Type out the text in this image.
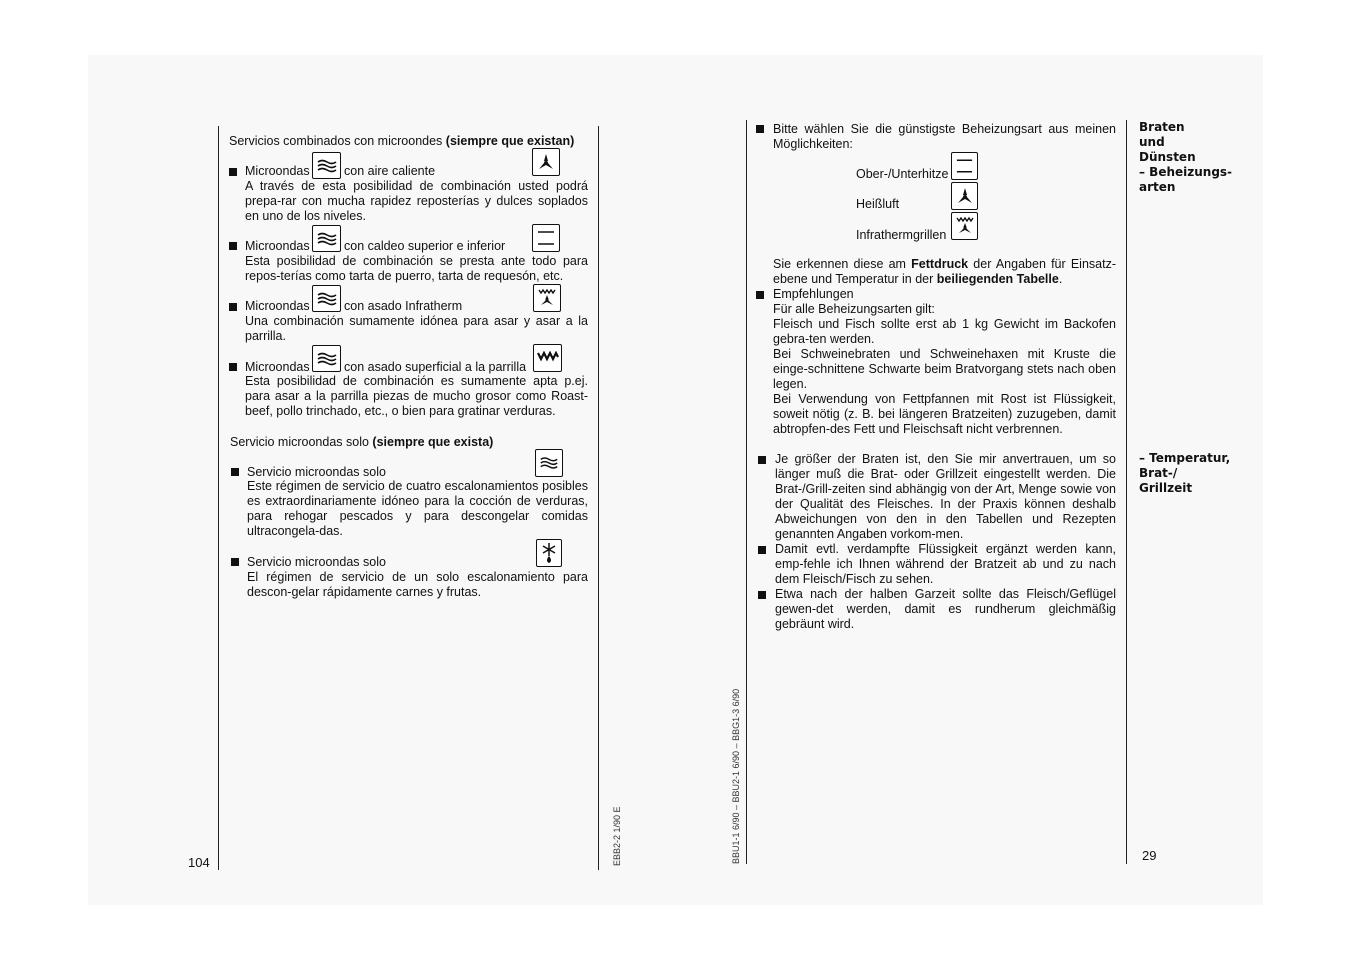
Servicios combinados con microondes (siempre que existan)
Microondas	con aire caliente
A través de esta posibilidad de combinación usted podrá prepa-rar con mucha rapidez reposterías y dulces soplados en uno de los niveles.
Microondas	con caldeo superior e inferior
Esta posibilidad de combinación se presta ante todo para repos-terías como tarta de puerro, tarta de requesón, etc.
Microondas	con asado Infratherm
Una combinación sumamente idónea para asar y asar a la parrilla.
Microondas	con asado superficial a la parrilla
Esta posibilidad de combinación es sumamente apta p.ej. para asar a la parrilla piezas de mucho grosor como Roast-beef, pollo trinchado, etc., o bien para gratinar verduras.
Servicio microondas solo (siempre que exista)
Servicio microondas solo
Este régimen de servicio de cuatro escalonamientos posibles es extraordinariamente idóneo para la cocción de verduras, para rehogar pescados y para descongelar comidas ultracongela-das.
Servicio microondas solo
El régimen de servicio de un solo escalonamiento para descon-gelar rápidamente carnes y frutas.
104	EBB2-2 1/90 E
Bitte wählen Sie die günstigste Beheizungsart aus meinen Möglichkeiten:
Ober-/Unterhitze
Heißluft
Infrathermgrillen
Sie erkennen diese am Fettdruck der Angaben für Einsatz-ebene und Temperatur in der beiliegenden Tabelle.
Empfehlungen
Für alle Beheizungsarten gilt:
Fleisch und Fisch sollte erst ab 1 kg Gewicht im Backofen gebra-ten werden.
Bei Schweinebraten und Schweinehaxen mit Kruste die einge-schnittene Schwarte beim Bratvorgang stets nach oben legen.
Bei Verwendung von Fettpfannen mit Rost ist Flüssigkeit, soweit nötig (z. B. bei längeren Bratzeiten) zuzugeben, damit abtropfen-des Fett und Fleischsaft nicht verbrennen.
Je größer der Braten ist, den Sie mir anvertrauen, um so länger muß die Brat- oder Grillzeit eingestellt werden. Die Brat-/Grill-zeiten sind abhängig von der Art, Menge sowie von der Qualität des Fleisches. In der Praxis können deshalb Abweichungen von den in den Tabellen und Rezepten genannten Angaben vorkom-men.
Damit evtl. verdampfte Flüssigkeit ergänzt werden kann, emp-fehle ich Ihnen während der Bratzeit ab und zu nach dem Fleisch/Fisch zu sehen.
Etwa nach der halben Garzeit sollte das Fleisch/Geflügel gewen-det werden, damit es rundherum gleichmäßig gebräunt wird.
Braten
und
Dünsten
– Beheizungs-
arten
– Temperatur,
Brat-/
Grillzeit
29
BBU1-1 6/90 – BBU2-1 6/90 – BBG1-3 6/90
